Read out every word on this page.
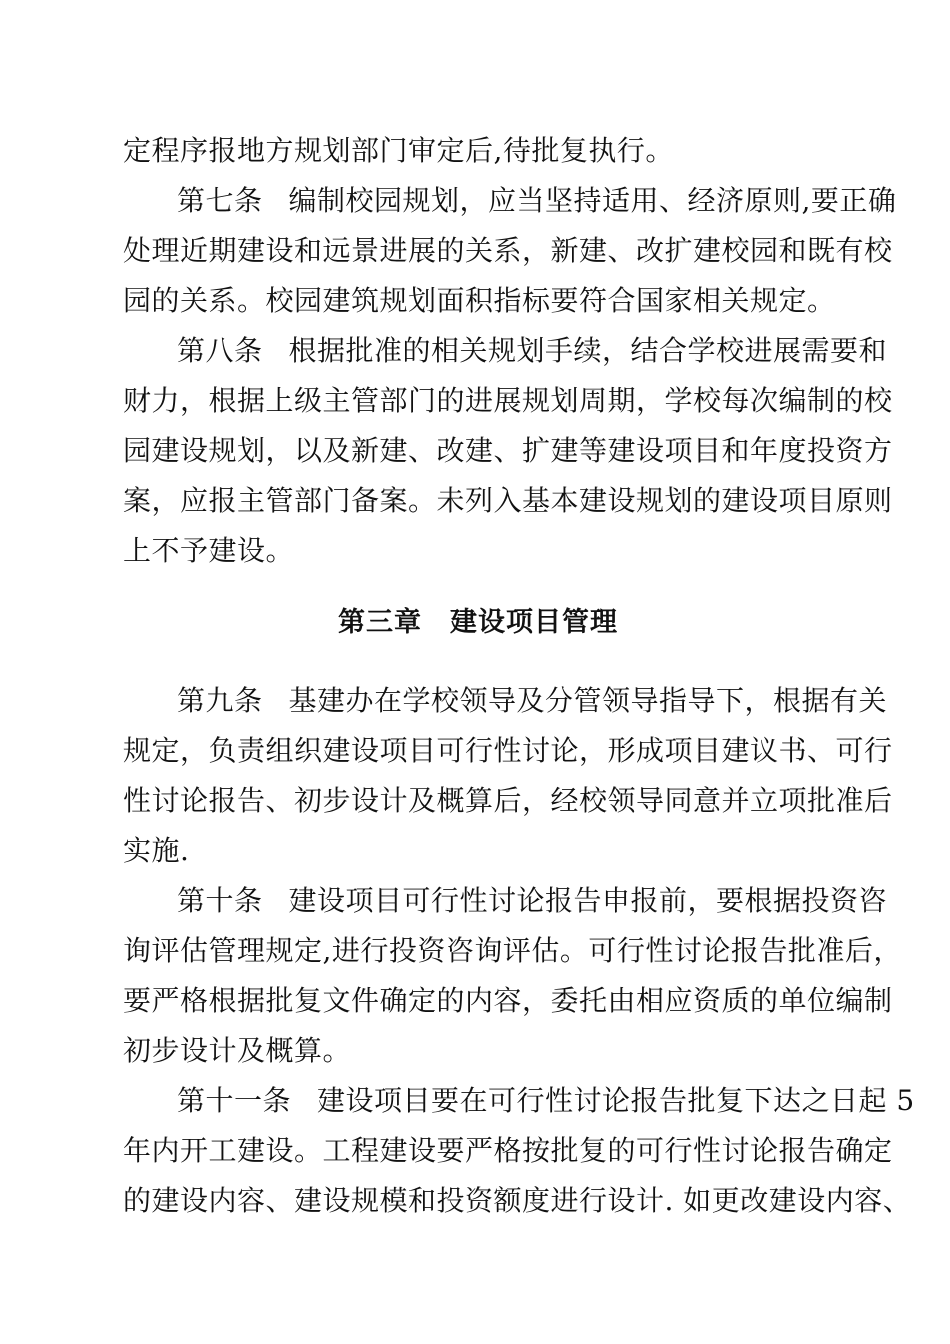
定程序报地方规划部门审定后,待批复执行。
第七条 编制校园规划，应当坚持适用、经济原则,要正确
处理近期建设和远景进展的关系，新建、改扩建校园和既有校
园的关系。校园建筑规划面积指标要符合国家相关规定。
第八条 根据批准的相关规划手续，结合学校进展需要和
财力，根据上级主管部门的进展规划周期，学校每次编制的校
园建设规划，以及新建、改建、扩建等建设项目和年度投资方
案，应报主管部门备案。未列入基本建设规划的建设项目原则
上不予建设。
第三章　建设项目管理
第九条 基建办在学校领导及分管领导指导下，根据有关
规定，负责组织建设项目可行性讨论，形成项目建议书、可行
性讨论报告、初步设计及概算后，经校领导同意并立项批准后
实施.
第十条 建设项目可行性讨论报告申报前，要根据投资咨
询评估管理规定,进行投资咨询评估。可行性讨论报告批准后，
要严格根据批复文件确定的内容，委托由相应资质的单位编制
初步设计及概算。
第十一条 建设项目要在可行性讨论报告批复下达之日起 5
年内开工建设。工程建设要严格按批复的可行性讨论报告确定
的建设内容、建设规模和投资额度进行设计. 如更改建设内容、
